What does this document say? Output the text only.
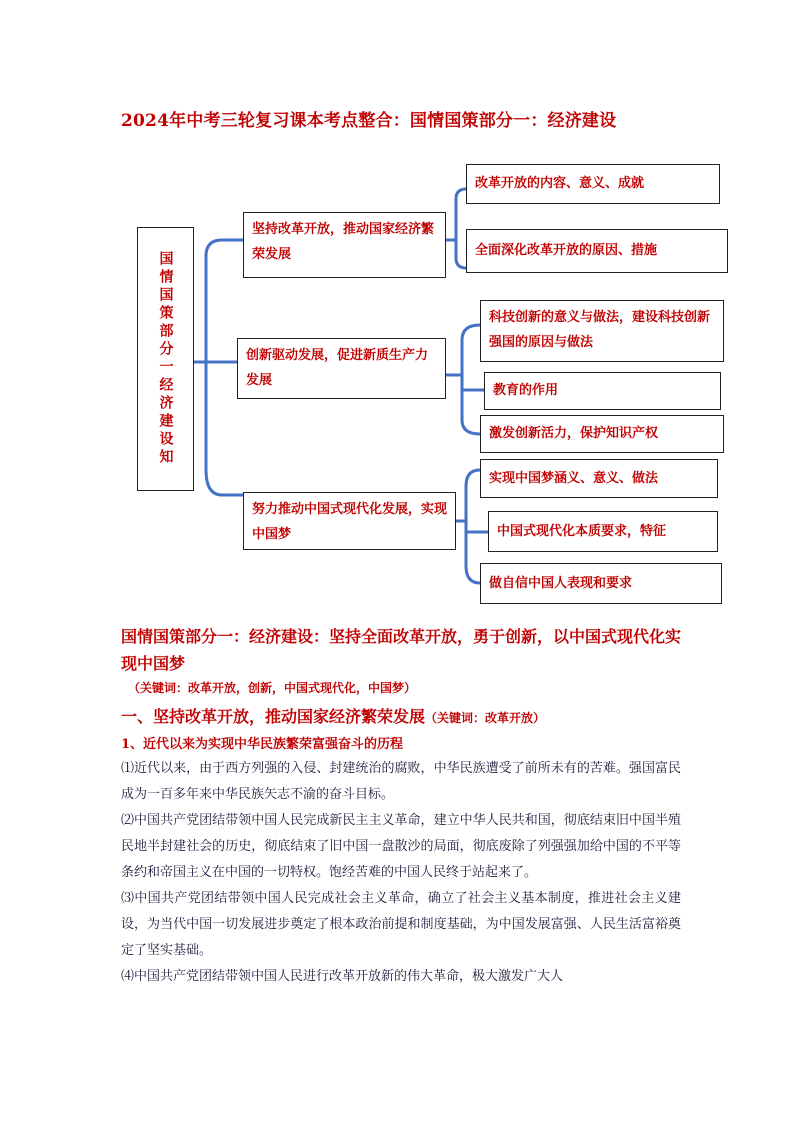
2024年中考三轮复习课本考点整合：国情国策部分一：经济建设
国情国策部分一经济建设知
坚持改革开放，推动国家经济繁荣发展
改革开放的内容、意义、成就
全面深化改革开放的原因、措施
创新驱动发展，促进新质生产力发展
科技创新的意义与做法，建设科技创新强国的原因与做法
教育的作用
激发创新活力，保护知识产权
努力推动中国式现代化发展，实现中国梦
实现中国梦涵义、意义、做法
中国式现代化本质要求，特征
做自信中国人表现和要求
国情国策部分一：经济建设：坚持全面改革开放，勇于创新，以中国式现代化实现中国梦
（关键词：改革开放，创新，中国式现代化，中国梦）
一、坚持改革开放，推动国家经济繁荣发展（关键词：改革开放）
1、近代以来为实现中华民族繁荣富强奋斗的历程

⑴近代以来，由于西方列强的入侵、封建统治的腐败，中华民族遭受了前所未有的苦难。强国富民成为一百多年来中华民族矢志不渝的奋斗目标。

⑵中国共产党团结带领中国人民完成新民主主义革命，建立中华人民共和国，彻底结束旧中国半殖民地半封建社会的历史，彻底结束了旧中国一盘散沙的局面，彻底废除了列强强加给中国的不平等条约和帝国主义在中国的一切特权。饱经苦难的中国人民终于站起来了。

⑶中国共产党团结带领中国人民完成社会主义革命，确立了社会主义基本制度，推进社会主义建设，为当代中国一切发展进步奠定了根本政治前提和制度基础，为中国发展富强、人民生活富裕奠定了坚实基础。

⑷中国共产党团结带领中国人民进行改革开放新的伟大革命，极大激发广大人
